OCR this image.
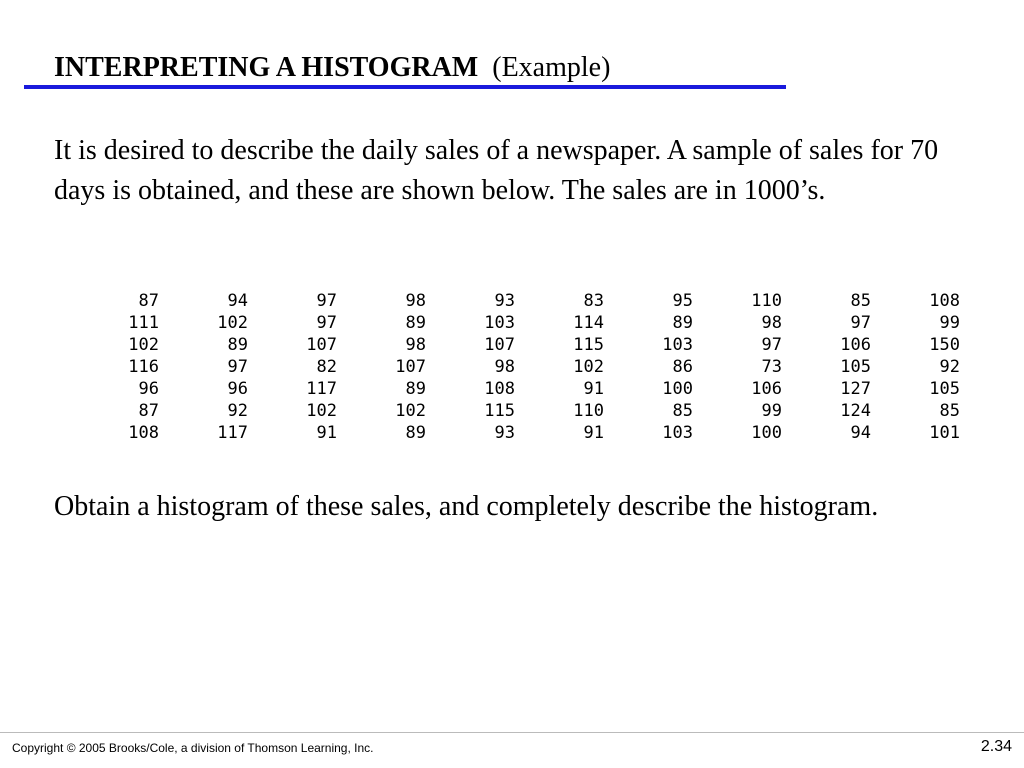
INTERPRETING A HISTOGRAM (Example)

It is desired to describe the daily sales of a newspaper. A sample of sales for 70 days is obtained, and these are shown below. The sales are in 1000’s.

87	94	97	98	93	83	95	110	85	108
111	102	97	89	103	114	89	98	97	99
102	89	107	98	107	115	103	97	106	150
116	97	82	107	98	102	86	73	105	92
96	96	117	89	108	91	100	106	127	105
87	92	102	102	115	110	85	99	124	85
108	117	91	89	93	91	103	100	94	101

Obtain a histogram of these sales, and completely describe the histogram.

Copyright © 2005 Brooks/Cole, a division of Thomson Learning, Inc.	2.34
